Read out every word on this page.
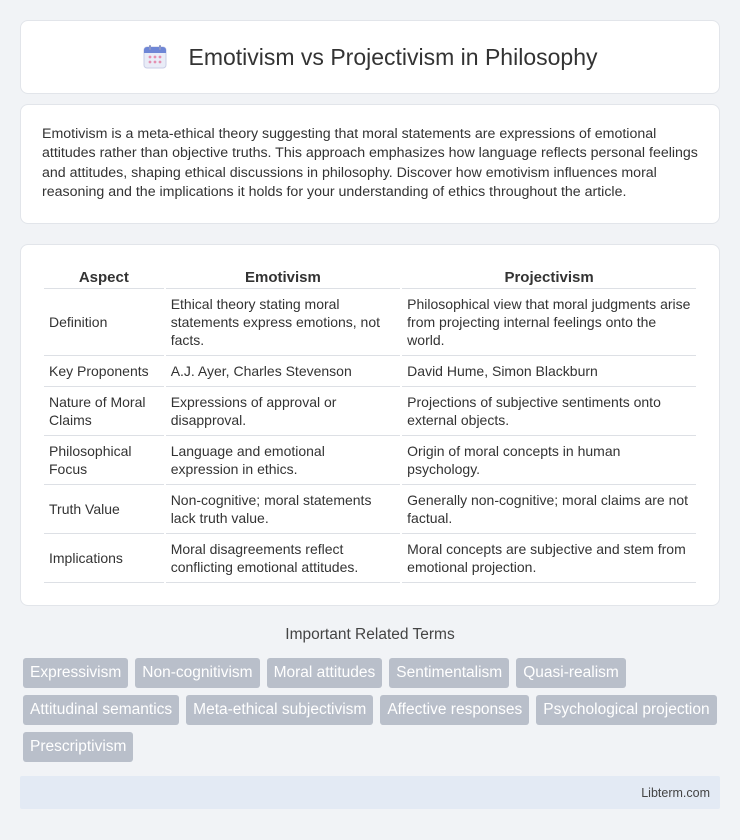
Emotivism vs Projectivism in Philosophy

Emotivism is a meta-ethical theory suggesting that moral statements are expressions of emotional attitudes rather than objective truths. This approach emphasizes how language reflects personal feelings and attitudes, shaping ethical discussions in philosophy. Discover how emotivism influences moral reasoning and the implications it holds for your understanding of ethics throughout the article.

Aspect	Emotivism	Projectivism
Definition	Ethical theory stating moral statements express emotions, not facts.	Philosophical view that moral judgments arise from projecting internal feelings onto the world.
Key Proponents	A.J. Ayer, Charles Stevenson	David Hume, Simon Blackburn
Nature of Moral Claims	Expressions of approval or disapproval.	Projections of subjective sentiments onto external objects.
Philosophical Focus	Language and emotional expression in ethics.	Origin of moral concepts in human psychology.
Truth Value	Non-cognitive; moral statements lack truth value.	Generally non-cognitive; moral claims are not factual.
Implications	Moral disagreements reflect conflicting emotional attitudes.	Moral concepts are subjective and stem from emotional projection.
Important Related Terms
Expressivism	Non-cognitivism	Moral attitudes	Sentimentalism	Quasi-realism
Attitudinal semantics	Meta-ethical subjectivism	Affective responses	Psychological projection
Prescriptivism
Libterm.com
